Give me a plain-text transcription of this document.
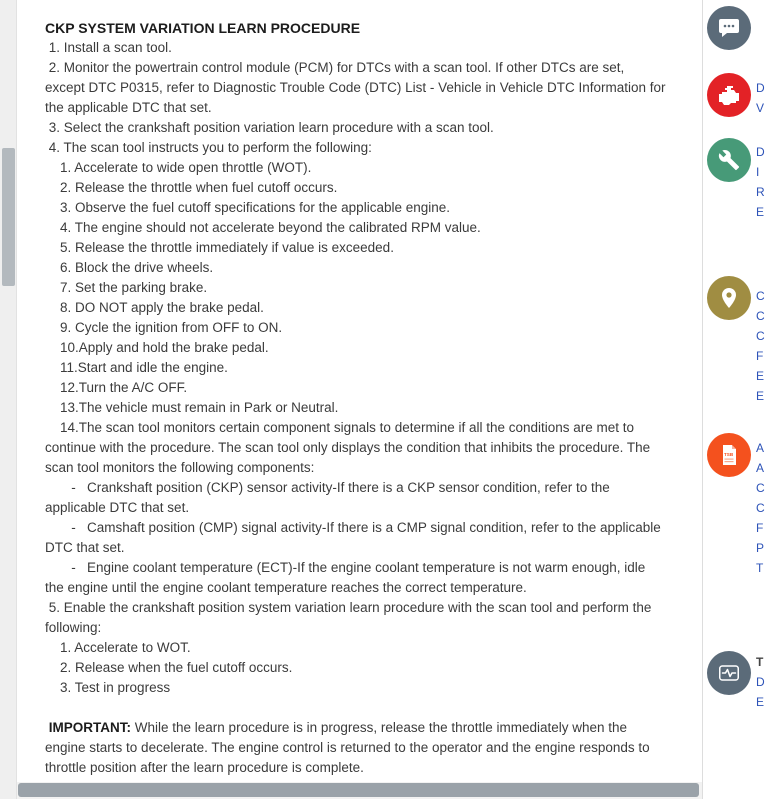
CKP SYSTEM VARIATION LEARN PROCEDURE

1. Install a scan tool.

2. Monitor the powertrain control module (PCM) for DTCs with a scan tool. If other DTCs are set, except DTC P0315, refer to Diagnostic Trouble Code (DTC) List - Vehicle in Vehicle DTC Information for the applicable DTC that set.

3. Select the crankshaft position variation learn procedure with a scan tool.

4. The scan tool instructs you to perform the following:

1. Accelerate to wide open throttle (WOT).

2. Release the throttle when fuel cutoff occurs.

3. Observe the fuel cutoff specifications for the applicable engine.

4. The engine should not accelerate beyond the calibrated RPM value.

5. Release the throttle immediately if value is exceeded.

6. Block the drive wheels.

7. Set the parking brake.

8. DO NOT apply the brake pedal.

9. Cycle the ignition from OFF to ON.

10.Apply and hold the brake pedal.

11.Start and idle the engine.

12.Turn the A/C OFF.

13.The vehicle must remain in Park or Neutral.

14.The scan tool monitors certain component signals to determine if all the conditions are met to continue with the procedure. The scan tool only displays the condition that inhibits the procedure. The scan tool monitors the following components:

-   Crankshaft position (CKP) sensor activity-If there is a CKP sensor condition, refer to the applicable DTC that set.

-   Camshaft position (CMP) signal activity-If there is a CMP signal condition, refer to the applicable DTC that set.

-   Engine coolant temperature (ECT)-If the engine coolant temperature is not warm enough, idle the engine until the engine coolant temperature reaches the correct temperature.

5. Enable the crankshaft position system variation learn procedure with the scan tool and perform the following:

1. Accelerate to WOT.

2. Release when the fuel cutoff occurs.

3. Test in progress

IMPORTANT: While the learn procedure is in progress, release the throttle immediately when the engine starts to decelerate. The engine control is returned to the operator and the engine responds to throttle position after the learn procedure is complete.

D
V
D
I
R
E
C
C
C
F
E
E
TSB A
A
C
C
F
P
T
T
D
E
